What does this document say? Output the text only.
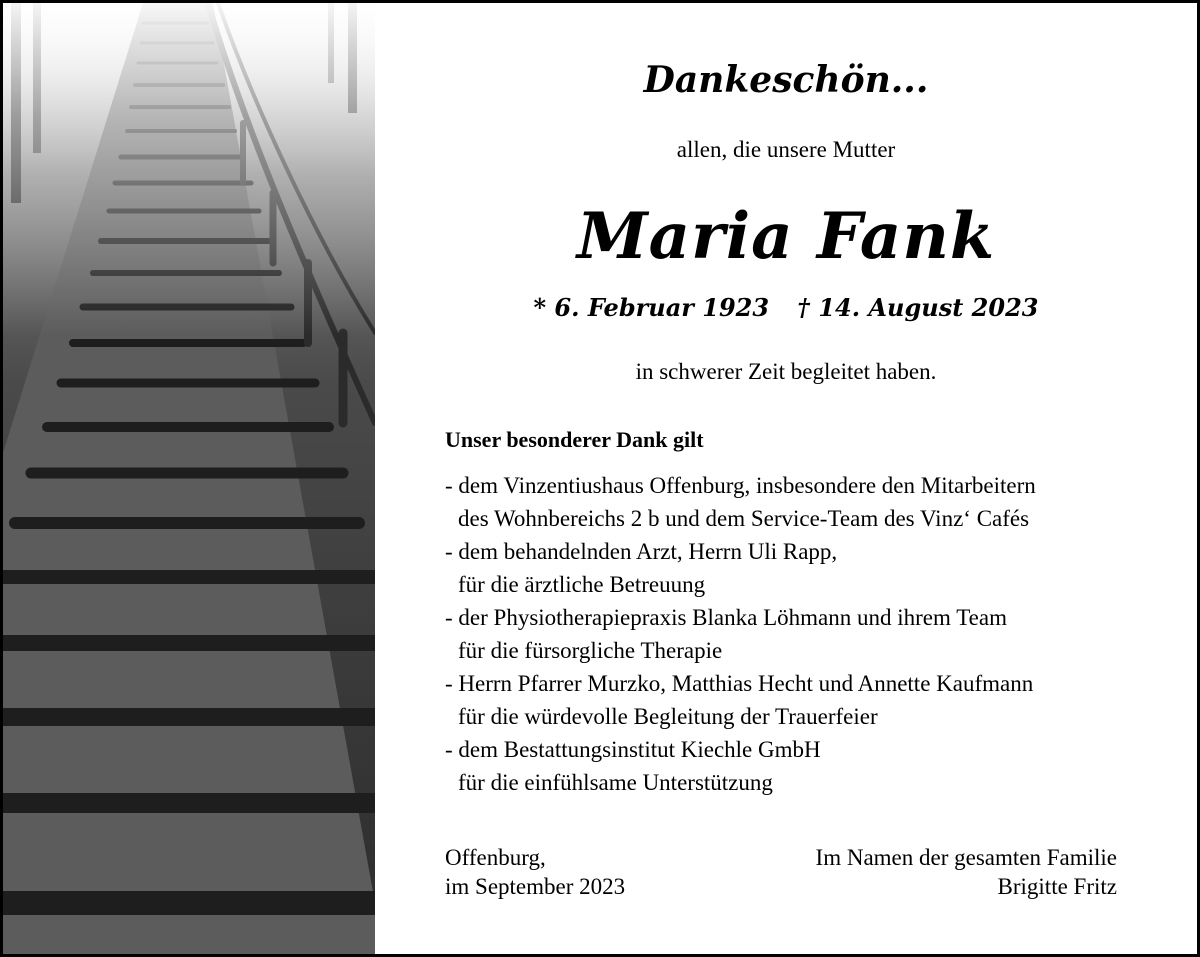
Dankeschön...
allen, die unsere Mutter
Maria Fank
* 6. Februar 1923 † 14. August 2023
in schwerer Zeit begleitet haben.
Unser besonderer Dank gilt
- dem Vinzentiushaus Offenburg, insbesondere den Mitarbeitern
des Wohnbereichs 2 b und dem Service-Team des Vinz‘ Cafés
- dem behandelnden Arzt, Herrn Uli Rapp,
für die ärztliche Betreuung
- der Physiotherapiepraxis Blanka Löhmann und ihrem Team
für die fürsorgliche Therapie
- Herrn Pfarrer Murzko, Matthias Hecht und Annette Kaufmann
für die würdevolle Begleitung der Trauerfeier
- dem Bestattungsinstitut Kiechle GmbH
für die einfühlsame Unterstützung
Offenburg,
im September 2023
Im Namen der gesamten Familie
Brigitte Fritz
